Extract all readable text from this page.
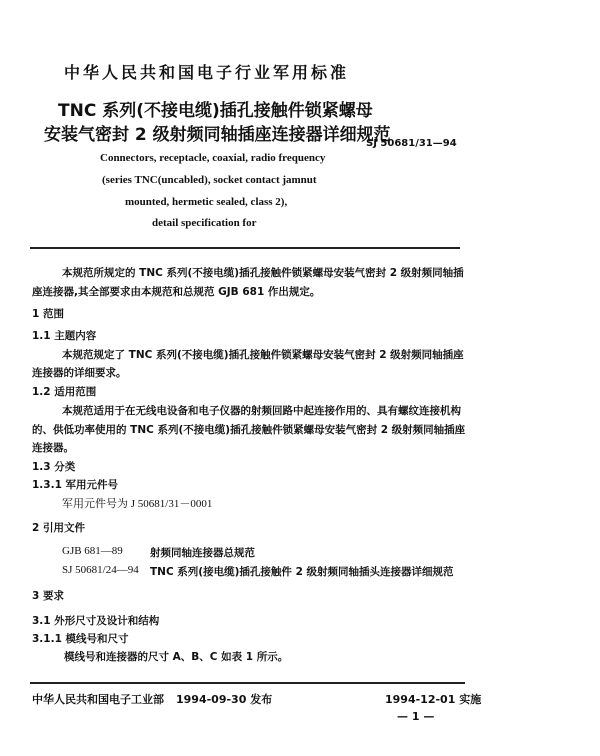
中华人民共和国电子行业军用标准
TNC 系列(不接电缆)插孔接触件锁紧螺母
安装气密封 2 级射频同轴插座连接器详细规范
SJ 50681/31—94
Connectors, receptacle, coaxial, radio frequency
(series TNC(uncabled), socket contact jamnut
mounted, hermetic sealed, class 2),
detail specification for
本规范所规定的 TNC 系列(不接电缆)插孔接触件锁紧螺母安装气密封 2 级射频同轴插
座连接器,其全部要求由本规范和总规范 GJB 681 作出规定。
1 范围
1.1 主题内容
本规范规定了 TNC 系列(不接电缆)插孔接触件锁紧螺母安装气密封 2 级射频同轴插座
连接器的详细要求。
1.2 适用范围
本规范适用于在无线电设备和电子仪器的射频回路中起连接作用的、具有螺纹连接机构
的、供低功率使用的 TNC 系列(不接电缆)插孔接触件锁紧螺母安装气密封 2 级射频同轴插座
连接器。
1.3 分类
1.3.1 军用元件号
军用元件号为 J 50681/31－0001
2 引用文件
GJB 681—89	射频同轴连接器总规范
SJ 50681/24—94 TNC 系列(接电缆)插孔接触件 2 级射频同轴插头连接器详细规范
3 要求
3.1 外形尺寸及设计和结构
3.1.1 模线号和尺寸
模线号和连接器的尺寸 A、B、C 如表 1 所示。
中华人民共和国电子工业部 1994-09-30 发布	1994-12-01 实施
— 1 —
